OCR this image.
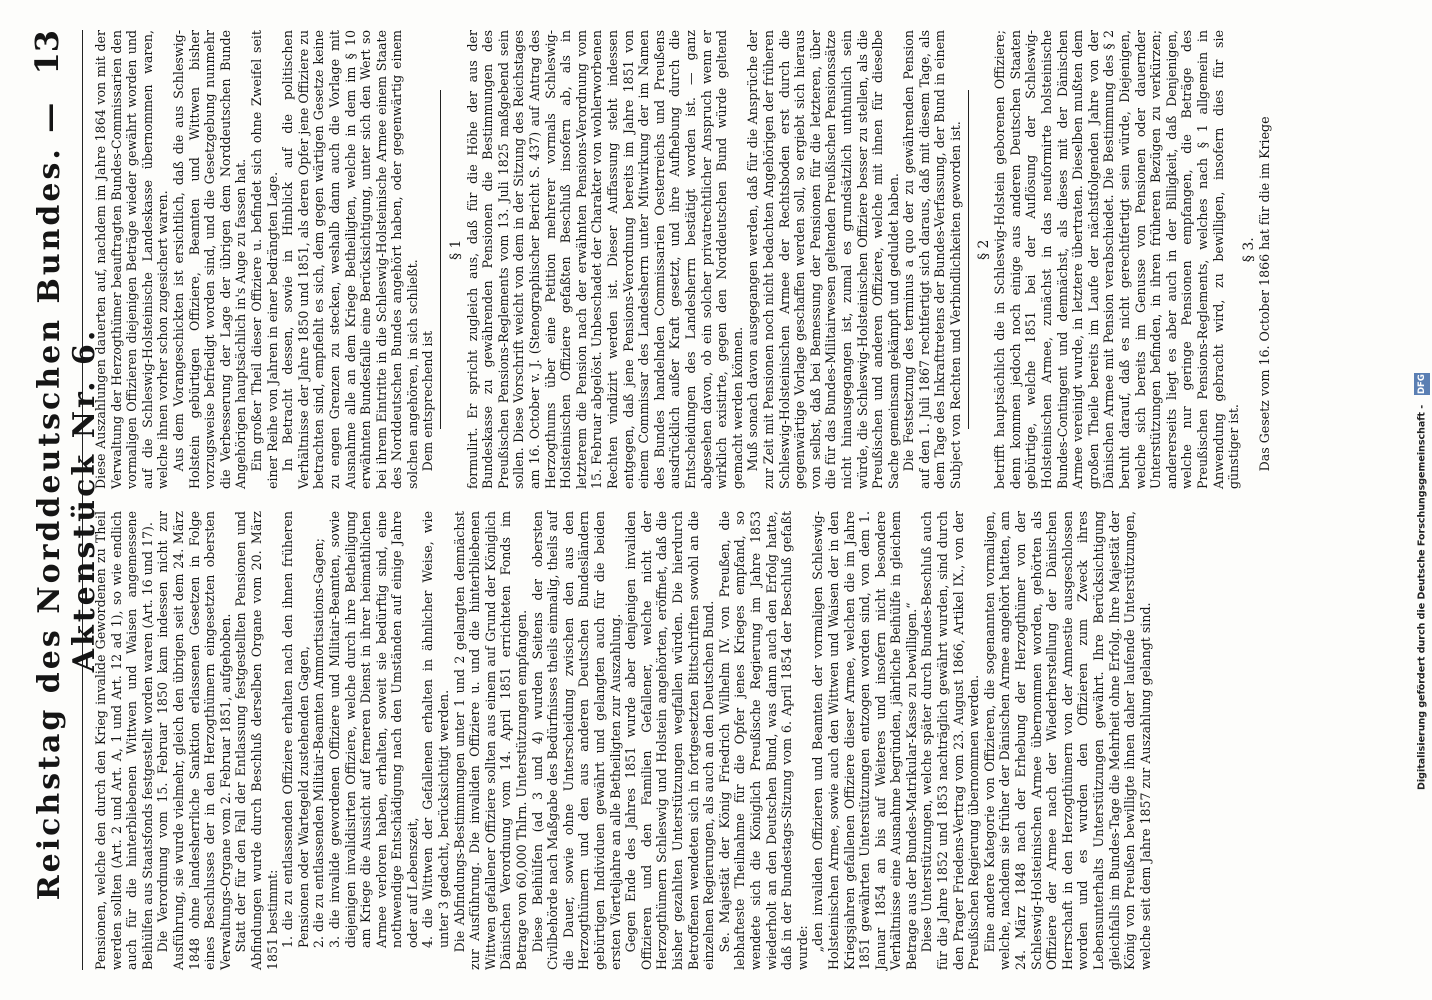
Reichstag des Norddeutschen Bundes. — Aktenstück Nr. 6.
13

Pensionen, welche den durch den Krieg invalide Gewordenen zu Theil werden sollten (Art. 2 und Art. A, 1 und Art. 12 ad 1), so wie endlich auch für die hinterbliebenen Wittwen und Waisen angemessene Beihülfen aus Staatsfonds festgestellt worden waren (Art. 16 und 17). Die Verordnung vom 15. Februar 1850 kam indessen nicht zur Ausführung, sie wurde vielmehr, gleich den übrigen seit dem 24. März 1848 ohne landesherrliche Sanktion erlassenen Gesetzen in Folge eines Beschlusses der in den Herzogthümern eingesetzten obersten Verwaltungs-Organe vom 2. Februar 1851, aufgehoben. Statt der für den Fall der Entlassung festgestellten Pensionen und Abfindungen wurde durch Beschluß derselben Organe vom 20. März 1851 bestimmt: 1. die zu entlassenden Offiziere erhalten nach den ihnen früheren Pensionen oder Wartegeld zustehenden Gagen, 2. die zu entlassenden Militair-Beamten Ammortisations-Gagen; 3. die invalide gewordenen Offiziere und Militair-Beamten, sowie diejenigen invalidisirten Offiziere, welche durch ihre Betheiligung am Kriege die Aussicht auf ferneren Dienst in ihrer heimathlichen Armee verloren haben, erhalten, soweit sie bedürftig sind, eine nothwendige Entschädigung nach den Umständen auf einige Jahre oder auf Lebenszeit, 4. die Wittwen der Gefallenen erhalten in ähnlicher Weise, wie unter 3 gedacht, berücksichtigt werden. Die Abfindungs-Bestimmungen unter 1 und 2 gelangten demnächst zur Ausführung. Die invaliden Offiziere u. und die hinterbliebenen Wittwen gefallener Offiziere sollten aus einem auf Grund der Königlich Dänischen Verordnung vom 14. April 1851 errichteten Fonds im Betrage von 60,000 Thlrn. Unterstützungen empfangen. Diese Beihülfen (ad 3 und 4) wurden Seitens der obersten Civilbehörde nach Maßgabe des Bedürfnisses theils einmalig, theils auf die Dauer, sowie ohne Unterscheidung zwischen den aus den Herzogthümern und den aus anderen Deutschen Bundesländern gebürtigen Individuen gewährt und gelangten auch für die beiden ersten Vierteljahre an alle Betheiligten zur Auszahlung. Gegen Ende des Jahres 1851 wurde aber denjenigen invaliden Offizieren und den Familien Gefallener, welche nicht der Herzogthümern Schleswig und Holstein angehörten, eröffnet, daß die bisher gezahlten Unterstützungen wegfallen würden. Die hierdurch Betroffenen wendeten sich in fortgesetzten Bittschriften sowohl an die einzelnen Regierungen, als auch an den Deutschen Bund. Se. Majestät der König Friedrich Wilhelm IV. von Preußen, die lebhafteste Theilnahme für die Opfer jenes Krieges empfand, so wendete sich die Königlich Preußische Regierung im Jahre 1853 wiederholt an den Deutschen Bund, was dann auch den Erfolg hatte, daß in der Bundestags-Sitzung vom 6. April 1854 der Beschluß gefaßt wurde: „den invaliden Offizieren und Beamten der vormaligen Schleswig-Holsteinischen Armee, sowie auch den Wittwen und Waisen der in den Kriegsjahren gefallenen Offiziere dieser Armee, welchen die im Jahre 1851 gewährten Unterstützungen entzogen worden sind, von dem 1. Januar 1854 an bis auf Weiteres und insofern nicht besondere Verhältnisse eine Ausnahme begründen, jährliche Beihülfe in gleichem Betrage aus der Bundes-Matrikular-Kasse zu bewilligen.“ Diese Unterstützungen, welche später durch Bundes-Beschluß auch für die Jahre 1852 und 1853 nachträglich gewährt wurden, sind durch den Prager Friedens-Vertrag vom 23. August 1866, Artikel IX., von der Preußischen Regierung übernommen werden. Eine andere Kategorie von Offizieren, die sogenannten vormaligen, welche, nachdem sie früher der Dänischen Armee angehört hatten, am 24. März 1848 nach der Erhebung der Herzogthümer von der Schleswig-Holsteinischen Armee übernommen worden, gehörten als Offiziere der Armee nach der Wiederherstellung der Dänischen Herrschaft in den Herzogthümern von der Amnestie ausgeschlossen worden und es wurden den Offizieren zum Zweck ihres Lebensunterhalts Unterstützungen gewährt. Ihre Berücksichtigung gleichfalls im Bundes-Tage die Mehrheit ohne Erfolg. Ihre Majestät der König von Preußen bewilligte ihnen daher laufende Unterstützungen, welche seit dem Jahre 1857 zur Auszahlung gelangt sind.

Diese Auszahlungen dauerten auf, nachdem im Jahre 1864 von mit der Verwaltung der Herzogthümer beauftragten Bundes-Commissarien den vormaligen Offizieren diejenigen Beträge wieder gewährt worden und auf die Schleswig-Holsteinische Landeskasse übernommen waren, welche ihnen vorher schon zugesichert waren. Aus dem Vorangeschickten ist ersichtlich, daß die aus Schleswig-Holstein gebürtigen Offiziere, Beamten und Wittwen bisher vorzugsweise befriedigt worden sind, und die Gesetzgebung nunmehr die Verbesserung der Lage der übrigen dem Norddeutschen Bunde Angehörigen hauptsächlich in's Auge zu fassen hat. Ein großer Theil dieser Offiziere u. befindet sich ohne Zweifel seit einer Reihe von Jahren in einer bedrängten Lage. In Betracht dessen, sowie in Hinblick auf die politischen Verhältnisse der Jahre 1850 und 1851, als deren Opfer jene Offiziere zu betrachten sind, empfiehlt es sich, dem gegen wärtigen Gesetze keine zu engen Grenzen zu stecken, weshalb dann auch die Vorlage mit Ausnahme alle an dem Kriege Betheiligten, welche in dem im § 10 erwähnten Bundesfalle eine Berücksichtigung, unter sich den Wert so bei ihrem Eintritte in die Schleswig-Holsteinische Armee einem Staate des Norddeutschen Bundes angehört haben, oder gegenwärtig einem solchen angehören, in sich schließt. Dem entsprechend ist

§ 1 formulirt. Er spricht zugleich aus, daß für die Höhe der aus der Bundeskasse zu gewährenden Pensionen die Bestimmungen des Preußischen Pensions-Reglements vom 13. Juli 1825 maßgebend sein sollen. Diese Vorschrift weicht von dem in der Sitzung des Reichstages am 16. October v. J. (Stenographischer Bericht S. 437) auf Antrag des Herzogthums über eine Petition mehrerer vormals Schleswig-Holsteinischen Offiziere gefaßten Beschluß insofern ab, als in letzterem die Pension nach der erwähnten Pensions-Verordnung vom 15. Februar abgelöst. Unbeschadet der Charakter von wohlerworbenen Rechten vindizirt werden ist. Dieser Auffassung steht indessen entgegen, daß jene Pensions-Verordnung bereits im Jahre 1851 von einem Commissar des Landesherrn unter Mitwirkung der im Namen des Bundes handelnden Commissarien Oesterreichs und Preußens ausdrücklich außer Kraft gesetzt, und ihre Aufhebung durch die Entscheidungen des Landesherrn bestätigt worden ist. — ganz abgesehen davon, ob ein solcher privatrechtlicher Anspruch wenn er wirklich existirte, gegen den Norddeutschen Bund würde geltend gemacht werden können. Muß sonach davon ausgegangen werden, daß für die Ansprüche der zur Zeit mit Pensionen noch nicht bedachten Angehörigen der früheren Schleswig-Holsteinischen Armee der Rechtsboden erst durch die gegenwärtige Vorlage geschaffen werden soll, so ergiebt sich hieraus von selbst, daß bei Bemessung der Pensionen für die letzteren, über die für das Bundes-Militairwesen geltenden Preußischen Pensionssätze nicht hinausgegangen ist, zumal es grundsätzlich unthunlich sein würde, die Schleswig-Holsteinischen Offiziere besser zu stellen, als die Preußischen und anderen Offiziere, welche mit ihnen für dieselbe Sache gemeinsam gekämpft und geduldet haben. Die Festsetzung des terminus a quo der zu gewährenden Pension auf den 1. Juli 1867 rechtfertigt sich daraus, daß mit diesem Tage, als dem Tage des Inkrafttretens der Bundes-Verfassung, der Bund in einem Subject von Rechten und Verbindlichkeiten geworden ist. § 2 betrifft hauptsächlich die in Schleswig-Holstein geborenen Offiziere; denn kommen jedoch noch einige aus anderen Deutschen Staaten gebürtige, welche 1851 bei der Auflösung der Schleswig-Holsteinischen Armee, zunächst in das neuformirte holsteinische Bundes-Contingent und demnächst, als dieses mit der Dänischen Armee vereinigt wurde, in letztere übertraten. Dieselben mußten dem großen Theile bereits im Laufe der nächstfolgenden Jahre von der Dänischen Armee mit Pension verabschiedet. Die Bestimmung des § 2 beruht darauf, daß es nicht gerechtfertigt sein würde, Diejenigen, welche sich bereits im Genusse von Pensionen oder dauernder Unterstützungen befinden, in ihren früheren Bezügen zu verkürzen; andererseits liegt es aber auch in der Billigkeit, daß Denjenigen, welche nur geringe Pensionen empfangen, die Beträge des Preußischen Pensions-Reglements, welches nach § 1 allgemein in Anwendung gebracht wird, zu bewilligen, insofern dies für sie günstiger ist.

§ 3. Das Gesetz vom 16. October 1866 hat für die im Kriege

Digitalisierung gefördert durch die Deutsche Forschungsgemeinschaft -
DFG
